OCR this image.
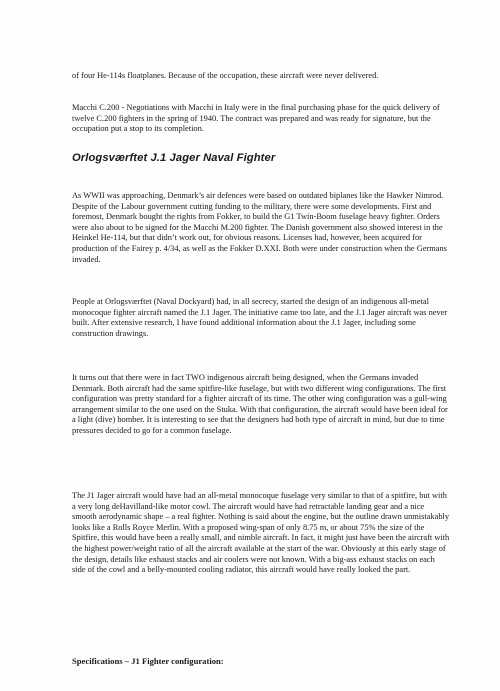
of four He-114s floatplanes. Because of the occupation, these aircraft were never delivered.

Macchi C.200 - Negotiations with Macchi in Italy were in the final purchasing phase for the quick delivery of twelve C.200 fighters in the spring of 1940. The contract was prepared and was ready for signature, but the occupation put a stop to its completion.

Orlogsværftet J.1 Jager Naval Fighter

As WWII was approaching, Denmark’s air defences were based on outdated biplanes like the Hawker Nimrod. Despite of the Labour government cutting funding to the military, there were some developments. First and foremost, Denmark bought the rights from Fokker, to build the G1 Twin-Boom fuselage heavy fighter. Orders were also about to be signed for the Macchi M.200 fighter. The Danish government also showed interest in the Heinkel He-114, but that didn’t work out, for obvious reasons. Licenses had, however, been acquired for production of the Fairey p. 4/34, as well as the Fokker D.XXI. Both were under construction when the Germans invaded.

People at Orlogsværftet (Naval Dockyard) had, in all secrecy, started the design of an indigenous all-metal monocoque fighter aircraft named the J.1 Jager. The initiative came too late, and the J.1 Jager aircraft was never built. After extensive research, I have found additional information about the J.1 Jager, including some construction drawings.

It turns out that there were in fact TWO indigenous aircraft being designed, when the Germans invaded Denmark. Both aircraft had the same spitfire-like fuselage, but with two different wing configurations. The first configuration was pretty standard for a fighter aircraft of its time. The other wing configuration was a gull-wing arrangement similar to the one used on the Stuka. With that configuration, the aircraft would have been ideal for a light (dive) bomber. It is interesting to see that the designers had both type of aircraft in mind, but due to time pressures decided to go for a common fuselage.

The J1 Jager aircraft would have had an all-metal monocoque fuselage very similar to that of a spitfire, but with a very long deHavilland-like motor cowl. The aircraft would have had retractable landing gear and a nice smooth aerodynamic shape – a real fighter. Nothing is said about the engine, but the outline drawn unmistakably looks like a Rolls Royce Merlin. With a proposed wing-span of only 8.75 m, or about 75% the size of the Spitfire, this would have been a really small, and nimble aircraft. In fact, it might just have been the aircraft with the highest power/weight ratio of all the aircraft available at the start of the war. Obviously at this early stage of the design, details like exhaust stacks and air coolers were not known. With a big-ass exhaust stacks on each side of the cowl and a belly-mounted cooling radiator, this aircraft would have really looked the part.

Specifications – J1 Fighter configuration:
